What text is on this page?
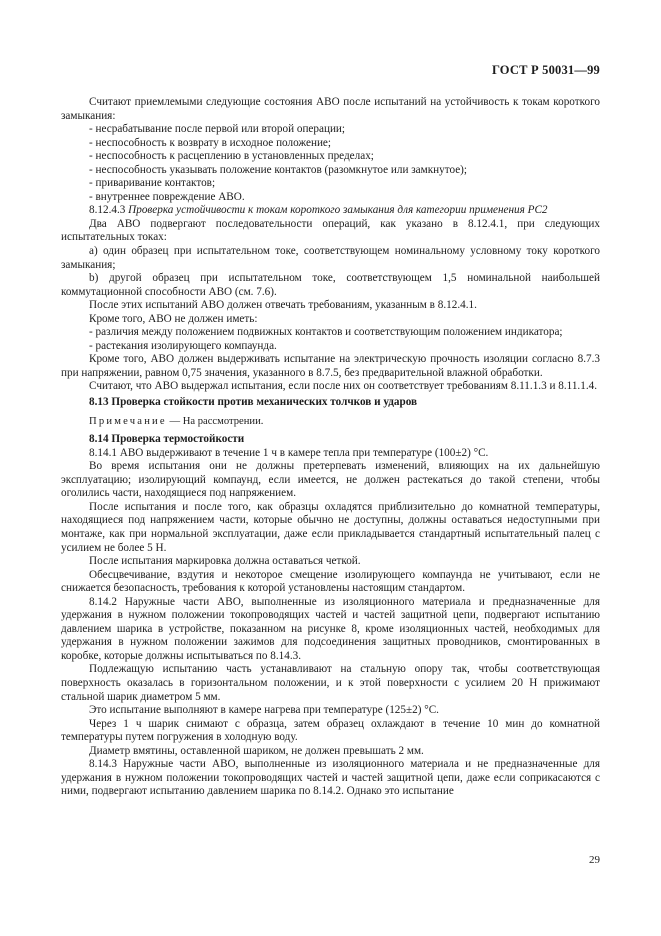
ГОСТ Р 50031—99

Считают приемлемыми следующие состояния АВО после испытаний на устойчивость к токам короткого замыкания:

- несрабатывание после первой или второй операции;

- неспособность к возврату в исходное положение;

- неспособность к расцеплению в установленных пределах;

- неспособность указывать положение контактов (разомкнутое или замкнутое);

- приваривание контактов;

- внутреннее повреждение АВО.

8.12.4.3 Проверка устойчивости к токам короткого замыкания для категории применения PC2

Два АВО подвергают последовательности операций, как указано в 8.12.4.1, при следующих испытательных токах:

а) один образец при испытательном токе, соответствующем номинальному условному току короткого замыкания;

b) другой образец при испытательном токе, соответствующем 1,5 номинальной наибольшей коммутационной способности АВО (см. 7.6).

После этих испытаний АВО должен отвечать требованиям, указанным в 8.12.4.1.

Кроме того, АВО не должен иметь:

- различия между положением подвижных контактов и соответствующим положением индикатора;

- растекания изолирующего компаунда.

Кроме того, АВО должен выдерживать испытание на электрическую прочность изоляции согласно 8.7.3 при напряжении, равном 0,75 значения, указанного в 8.7.5, без предварительной влажной обработки.

Считают, что АВО выдержал испытания, если после них он соответствует требованиям 8.11.1.3 и 8.11.1.4.

8.13 Проверка стойкости против механических толчков и ударов

Примечание — На рассмотрении.

8.14 Проверка термостойкости

8.14.1 АВО выдерживают в течение 1 ч в камере тепла при температуре (100±2) °С.

Во время испытания они не должны претерпевать изменений, влияющих на их дальнейшую эксплуатацию; изолирующий компаунд, если имеется, не должен растекаться до такой степени, чтобы оголились части, находящиеся под напряжением.

После испытания и после того, как образцы охладятся приблизительно до комнатной температуры, находящиеся под напряжением части, которые обычно не доступны, должны оставаться недоступными при монтаже, как при нормальной эксплуатации, даже если прикладывается стандартный испытательный палец с усилием не более 5 Н.

После испытания маркировка должна оставаться четкой.

Обесцвечивание, вздутия и некоторое смещение изолирующего компаунда не учитывают, если не снижается безопасность, требования к которой установлены настоящим стандартом.

8.14.2 Наружные части АВО, выполненные из изоляционного материала и предназначенные для удержания в нужном положении токопроводящих частей и частей защитной цепи, подвергают испытанию давлением шарика в устройстве, показанном на рисунке 8, кроме изоляционных частей, необходимых для удержания в нужном положении зажимов для подсоединения защитных проводников, смонтированных в коробке, которые должны испытываться по 8.14.3.

Подлежащую испытанию часть устанавливают на стальную опору так, чтобы соответствующая поверхность оказалась в горизонтальном положении, и к этой поверхности с усилием 20 Н прижимают стальной шарик диаметром 5 мм.

Это испытание выполняют в камере нагрева при температуре (125±2) °С.

Через 1 ч шарик снимают с образца, затем образец охлаждают в течение 10 мин до комнатной температуры путем погружения в холодную воду.

Диаметр вмятины, оставленной шариком, не должен превышать 2 мм.

8.14.3 Наружные части АВО, выполненные из изоляционного материала и не предназначенные для удержания в нужном положении токопроводящих частей и частей защитной цепи, даже если соприкасаются с ними, подвергают испытанию давлением шарика по 8.14.2. Однако это испытание

29
